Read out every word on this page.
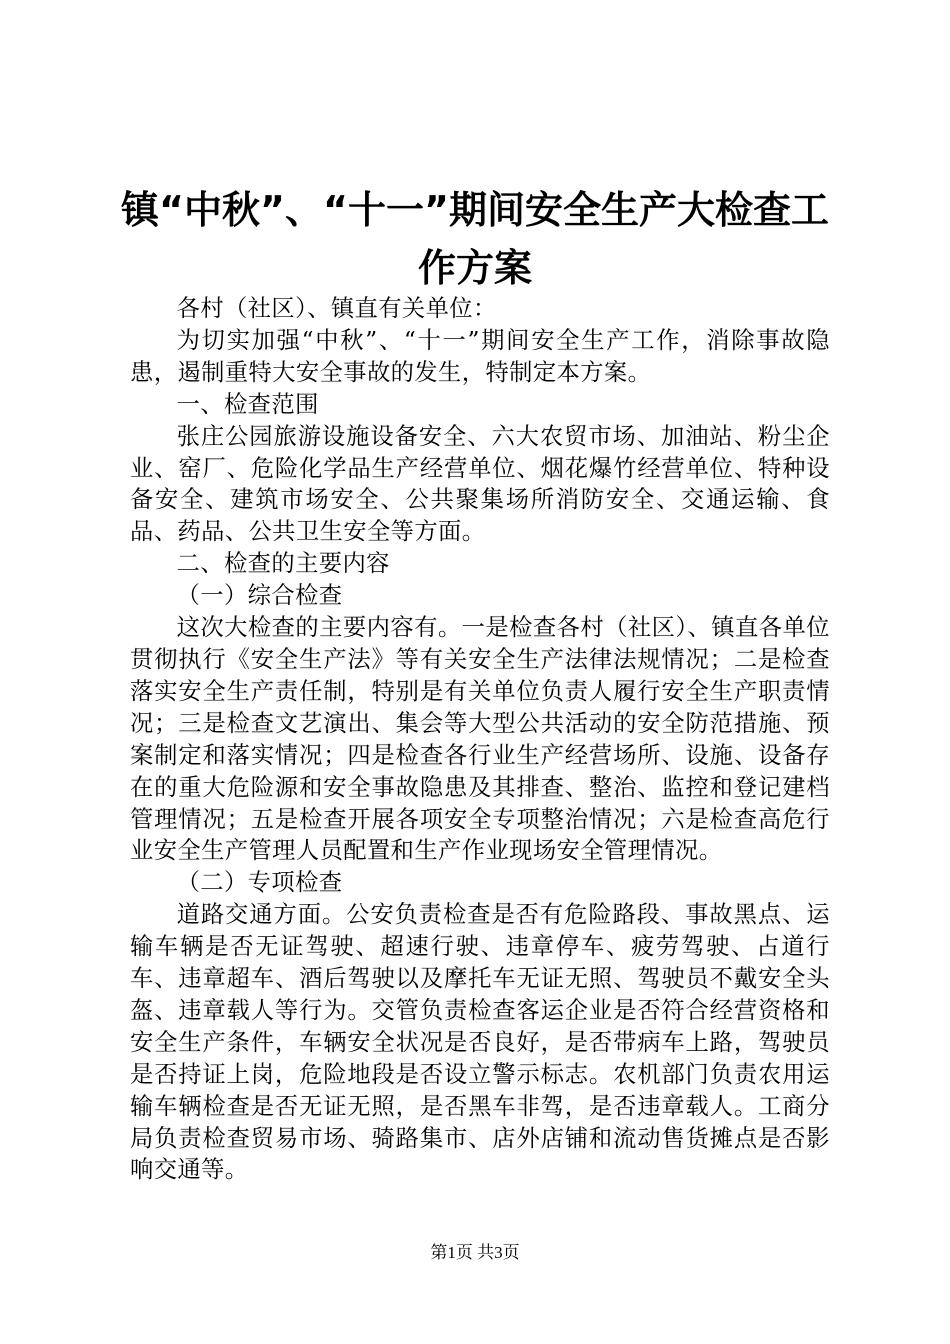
镇“中秋”、“十一”期间安全生产大检查工
作方案

各村（社区）、镇直有关单位：

为切实加强“中秋”、“十一”期间安全生产工作，消除事故隐患，遏制重特大安全事故的发生，特制定本方案。

一、检查范围

张庄公园旅游设施设备安全、六大农贸市场、加油站、粉尘企业、窑厂、危险化学品生产经营单位、烟花爆竹经营单位、特种设备安全、建筑市场安全、公共聚集场所消防安全、交通运输、食品、药品、公共卫生安全等方面。

二、检查的主要内容

（一）综合检查

这次大检查的主要内容有。一是检查各村（社区）、镇直各单位贯彻执行《安全生产法》等有关安全生产法律法规情况；二是检查落实安全生产责任制，特别是有关单位负责人履行安全生产职责情况；三是检查文艺演出、集会等大型公共活动的安全防范措施、预案制定和落实情况；四是检查各行业生产经营场所、设施、设备存在的重大危险源和安全事故隐患及其排查、整治、监控和登记建档管理情况；五是检查开展各项安全专项整治情况；六是检查高危行业安全生产管理人员配置和生产作业现场安全管理情况。

（二）专项检查

道路交通方面。公安负责检查是否有危险路段、事故黑点、运输车辆是否无证驾驶、超速行驶、违章停车、疲劳驾驶、占道行车、违章超车、酒后驾驶以及摩托车无证无照、驾驶员不戴安全头盔、违章载人等行为。交管负责检查客运企业是否符合经营资格和安全生产条件，车辆安全状况是否良好，是否带病车上路，驾驶员是否持证上岗，危险地段是否设立警示标志。农机部门负责农用运输车辆检查是否无证无照，是否黑车非驾，是否违章载人。工商分局负责检查贸易市场、骑路集市、店外店铺和流动售货摊点是否影响交通等。

第1页 共3页
